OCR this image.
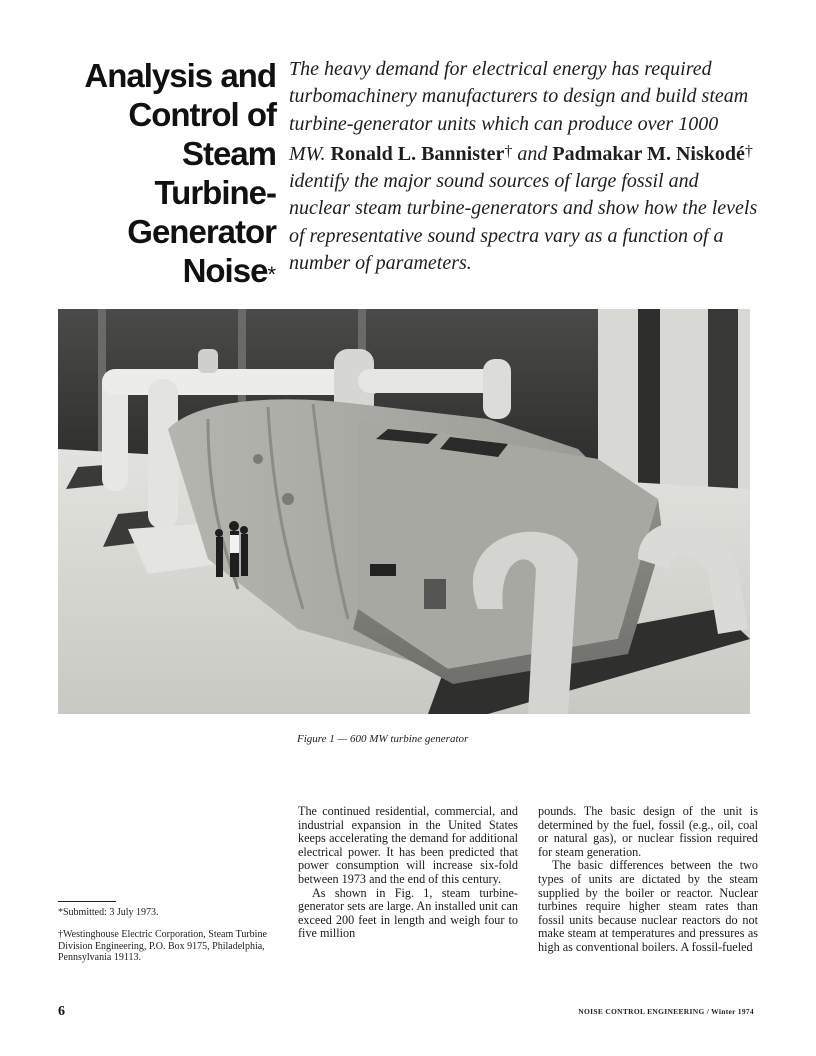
Analysis and
Control of
Steam
Turbine-
Generator
Noise*
The heavy demand for electrical energy has required turbomachinery manufacturers to design and build steam turbine-generator units which can produce over 1000 MW. Ronald L. Bannister† and Padmakar M. Niskodé† identify the major sound sources of large fossil and nuclear steam turbine-generators and show how the levels of representative sound spectra vary as a function of a number of parameters.
Figure 1 — 600 MW turbine generator

The continued residential, commercial, and industrial expansion in the United States keeps accelerating the demand for additional electrical power. It has been predicted that power consumption will increase six-fold between 1973 and the end of this century.

As shown in Fig. 1, steam turbine-generator sets are large. An installed unit can exceed 200 feet in length and weigh four to five million

pounds. The basic design of the unit is determined by the fuel, fossil (e.g., oil, coal or natural gas), or nuclear fission required for steam generation.

The basic differences between the two types of units are dictated by the steam supplied by the boiler or reactor. Nuclear turbines require higher steam rates than fossil units because nuclear reactors do not make steam at temperatures and pressures as high as conventional boilers. A fossil-fueled

*Submitted: 3 July 1973.
†Westinghouse Electric Corporation, Steam Turbine Division Engineering, P.O. Box 9175, Philadelphia, Pennsylvania 19113.
6	NOISE CONTROL ENGINEERING / Winter 1974
